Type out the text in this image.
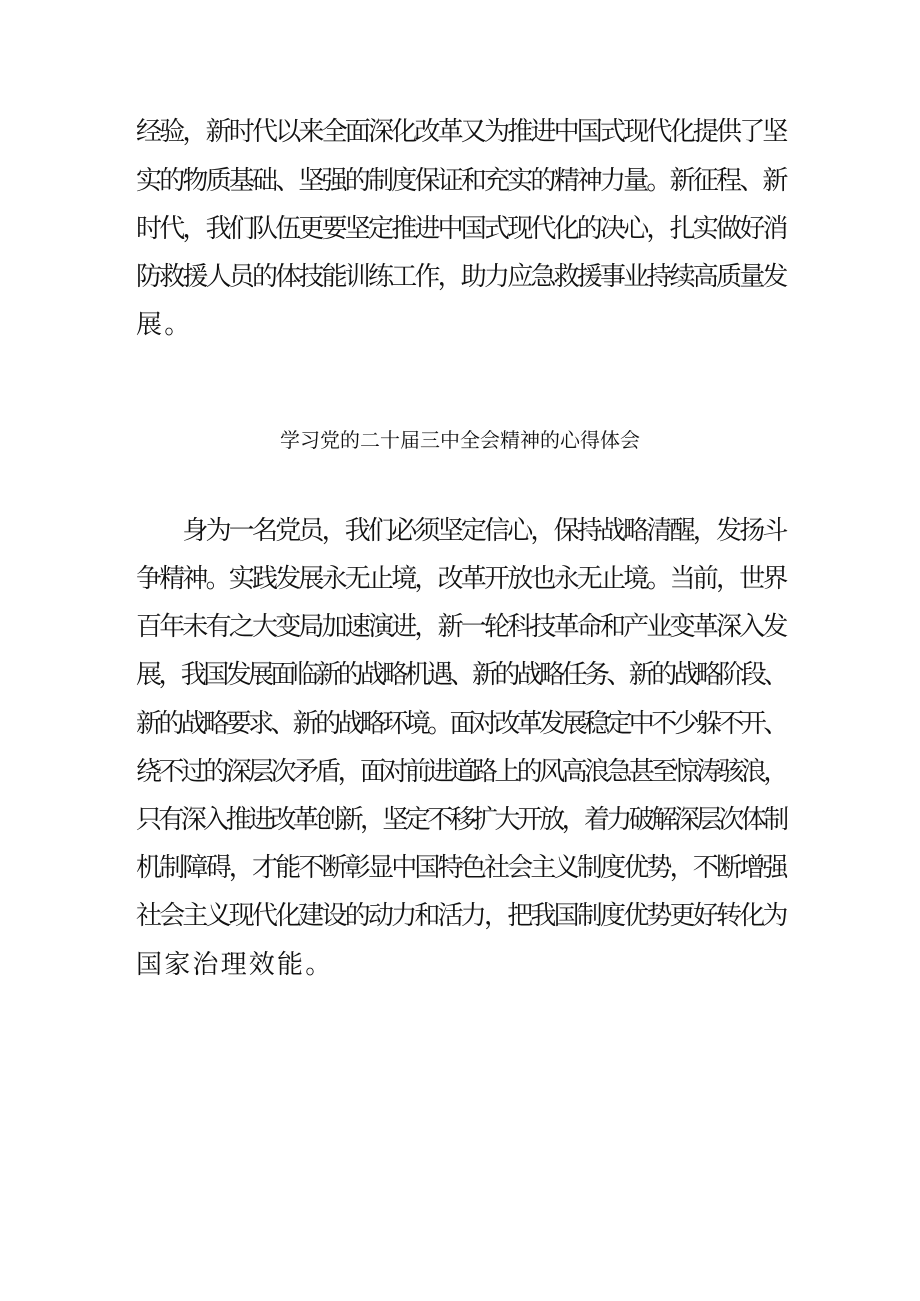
经验，新时代以来全面深化改革又为推进中国式现代化提供了坚
实的物质基础、坚强的制度保证和充实的精神力量。新征程、新
时代，我们队伍更要坚定推进中国式现代化的决心，扎实做好消
防救援人员的体技能训练工作，助力应急救援事业持续高质量发
展。
学习党的二十届三中全会精神的心得体会
　　身为一名党员，我们必须坚定信心，保持战略清醒，发扬斗
争精神。实践发展永无止境，改革开放也永无止境。当前，世界
百年未有之大变局加速演进，新一轮科技革命和产业变革深入发
展，我国发展面临新的战略机遇、新的战略任务、新的战略阶段、
新的战略要求、新的战略环境。面对改革发展稳定中不少躲不开、
绕不过的深层次矛盾，面对前进道路上的风高浪急甚至惊涛骇浪，
只有深入推进改革创新，坚定不移扩大开放，着力破解深层次体制
机制障碍，才能不断彰显中国特色社会主义制度优势，不断增强
社会主义现代化建设的动力和活力，把我国制度优势更好转化为
国家治理效能。
